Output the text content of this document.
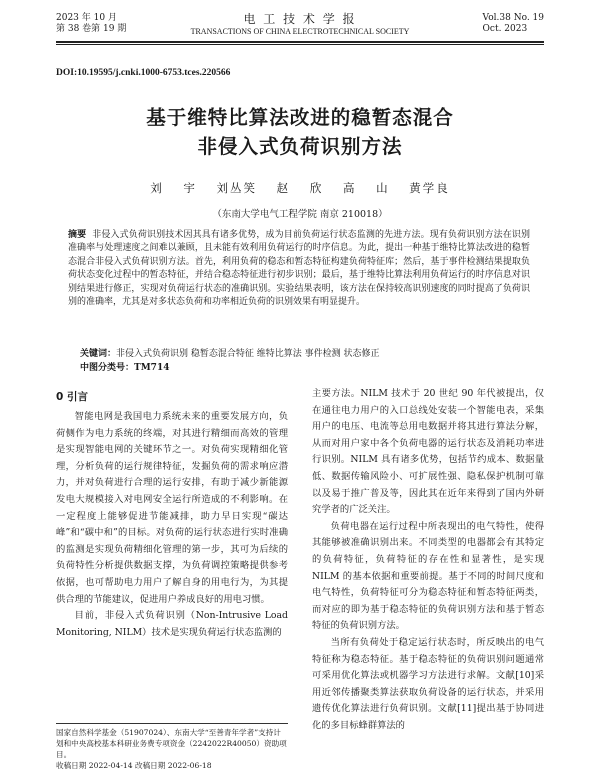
2023 年 10 月
第 38 卷第 19 期
电 工 技 术 学 报
TRANSACTIONS OF CHINA ELECTROTECHNICAL SOCIETY
Vol.38 No. 19
Oct. 2023
DOI:10.19595/j.cnki.1000-6753.tces.220566
基于维特比算法改进的稳暂态混合
非侵入式负荷识别方法
刘 宇 刘丛笑 赵 欣 高 山 黄学良
（东南大学电气工程学院 南京 210018）
摘要 非侵入式负荷识别技术因其具有诸多优势，成为目前负荷运行状态监测的先进方法。现有负荷识别方法在识别准确率与处理速度之间难以兼顾，且未能有效利用负荷运行的时序信息。为此，提出一种基于维特比算法改进的稳暂态混合非侵入式负荷识别方法。首先，利用负荷的稳态和暂态特征构建负荷特征库；然后，基于事件检测结果提取负荷状态变化过程中的暂态特征，并结合稳态特征进行初步识别；最后，基于维特比算法利用负荷运行的时序信息对识别结果进行修正，实现对负荷运行状态的准确识别。实验结果表明，该方法在保持较高识别速度的同时提高了负荷识别的准确率，尤其是对多状态负荷和功率相近负荷的识别效果有明显提升。
关键词：非侵入式负荷识别 稳暂态混合特征 维特比算法 事件检测 状态修正
中图分类号：TM714
0 引言

智能电网是我国电力系统未来的重要发展方向，负荷侧作为电力系统的终端，对其进行精细而高效的管理是实现智能电网的关键环节之一。对负荷实现精细化管理，分析负荷的运行规律特征，发掘负荷的需求响应潜力，并对负荷进行合理的运行安排，有助于减少新能源发电大规模接入对电网安全运行所造成的不利影响。在一定程度上能够促进节能减排，助力早日实现“碳达峰”和“碳中和”的目标。对负荷的运行状态进行实时准确的监测是实现负荷精细化管理的第一步，其可为后续的负荷特性分析提供数据支撑，为负荷调控策略提供参考依据，也可帮助电力用户了解自身的用电行为，为其提供合理的节能建议，促进用户养成良好的用电习惯。

目前，非侵入式负荷识别（Non-Intrusive Load Monitoring, NILM）技术是实现负荷运行状态监测的

国家自然科学基金（51907024）、东南大学“至善青年学者”支持计划和中央高校基本科研业务费专项资金（2242022R40050）资助项目。
收稿日期 2022-04-14 改稿日期 2022-06-18

主要方法。NILM 技术于 20 世纪 90 年代被提出，仅在通往电力用户的入口总线处安装一个智能电表，采集用户的电压、电流等总用电数据并将其进行算法分解，从而对用户家中各个负荷电器的运行状态及消耗功率进行识别。NILM 具有诸多优势，包括节约成本、数据量低、数据传输风险小、可扩展性强、隐私保护机制可靠以及易于推广普及等，因此其在近年来得到了国内外研究学者的广泛关注。

负荷电器在运行过程中所表现出的电气特性，使得其能够被准确识别出来。不同类型的电器都会有其特定的负荷特征，负荷特征的存在性和显著性，是实现 NILM 的基本依据和重要前提。基于不同的时间尺度和电气特性，负荷特征可分为稳态特征和暂态特征两类，而对应的即为基于稳态特征的负荷识别方法和基于暂态特征的负荷识别方法。

当所有负荷处于稳定运行状态时，所反映出的电气特征称为稳态特征。基于稳态特征的负荷识别问题通常可采用优化算法或机器学习方法进行求解。文献[10]采用近邻传播聚类算法获取负荷设备的运行状态，并采用遗传优化算法进行负荷识别。文献[11]提出基于协同进化的多目标蜂群算法的
